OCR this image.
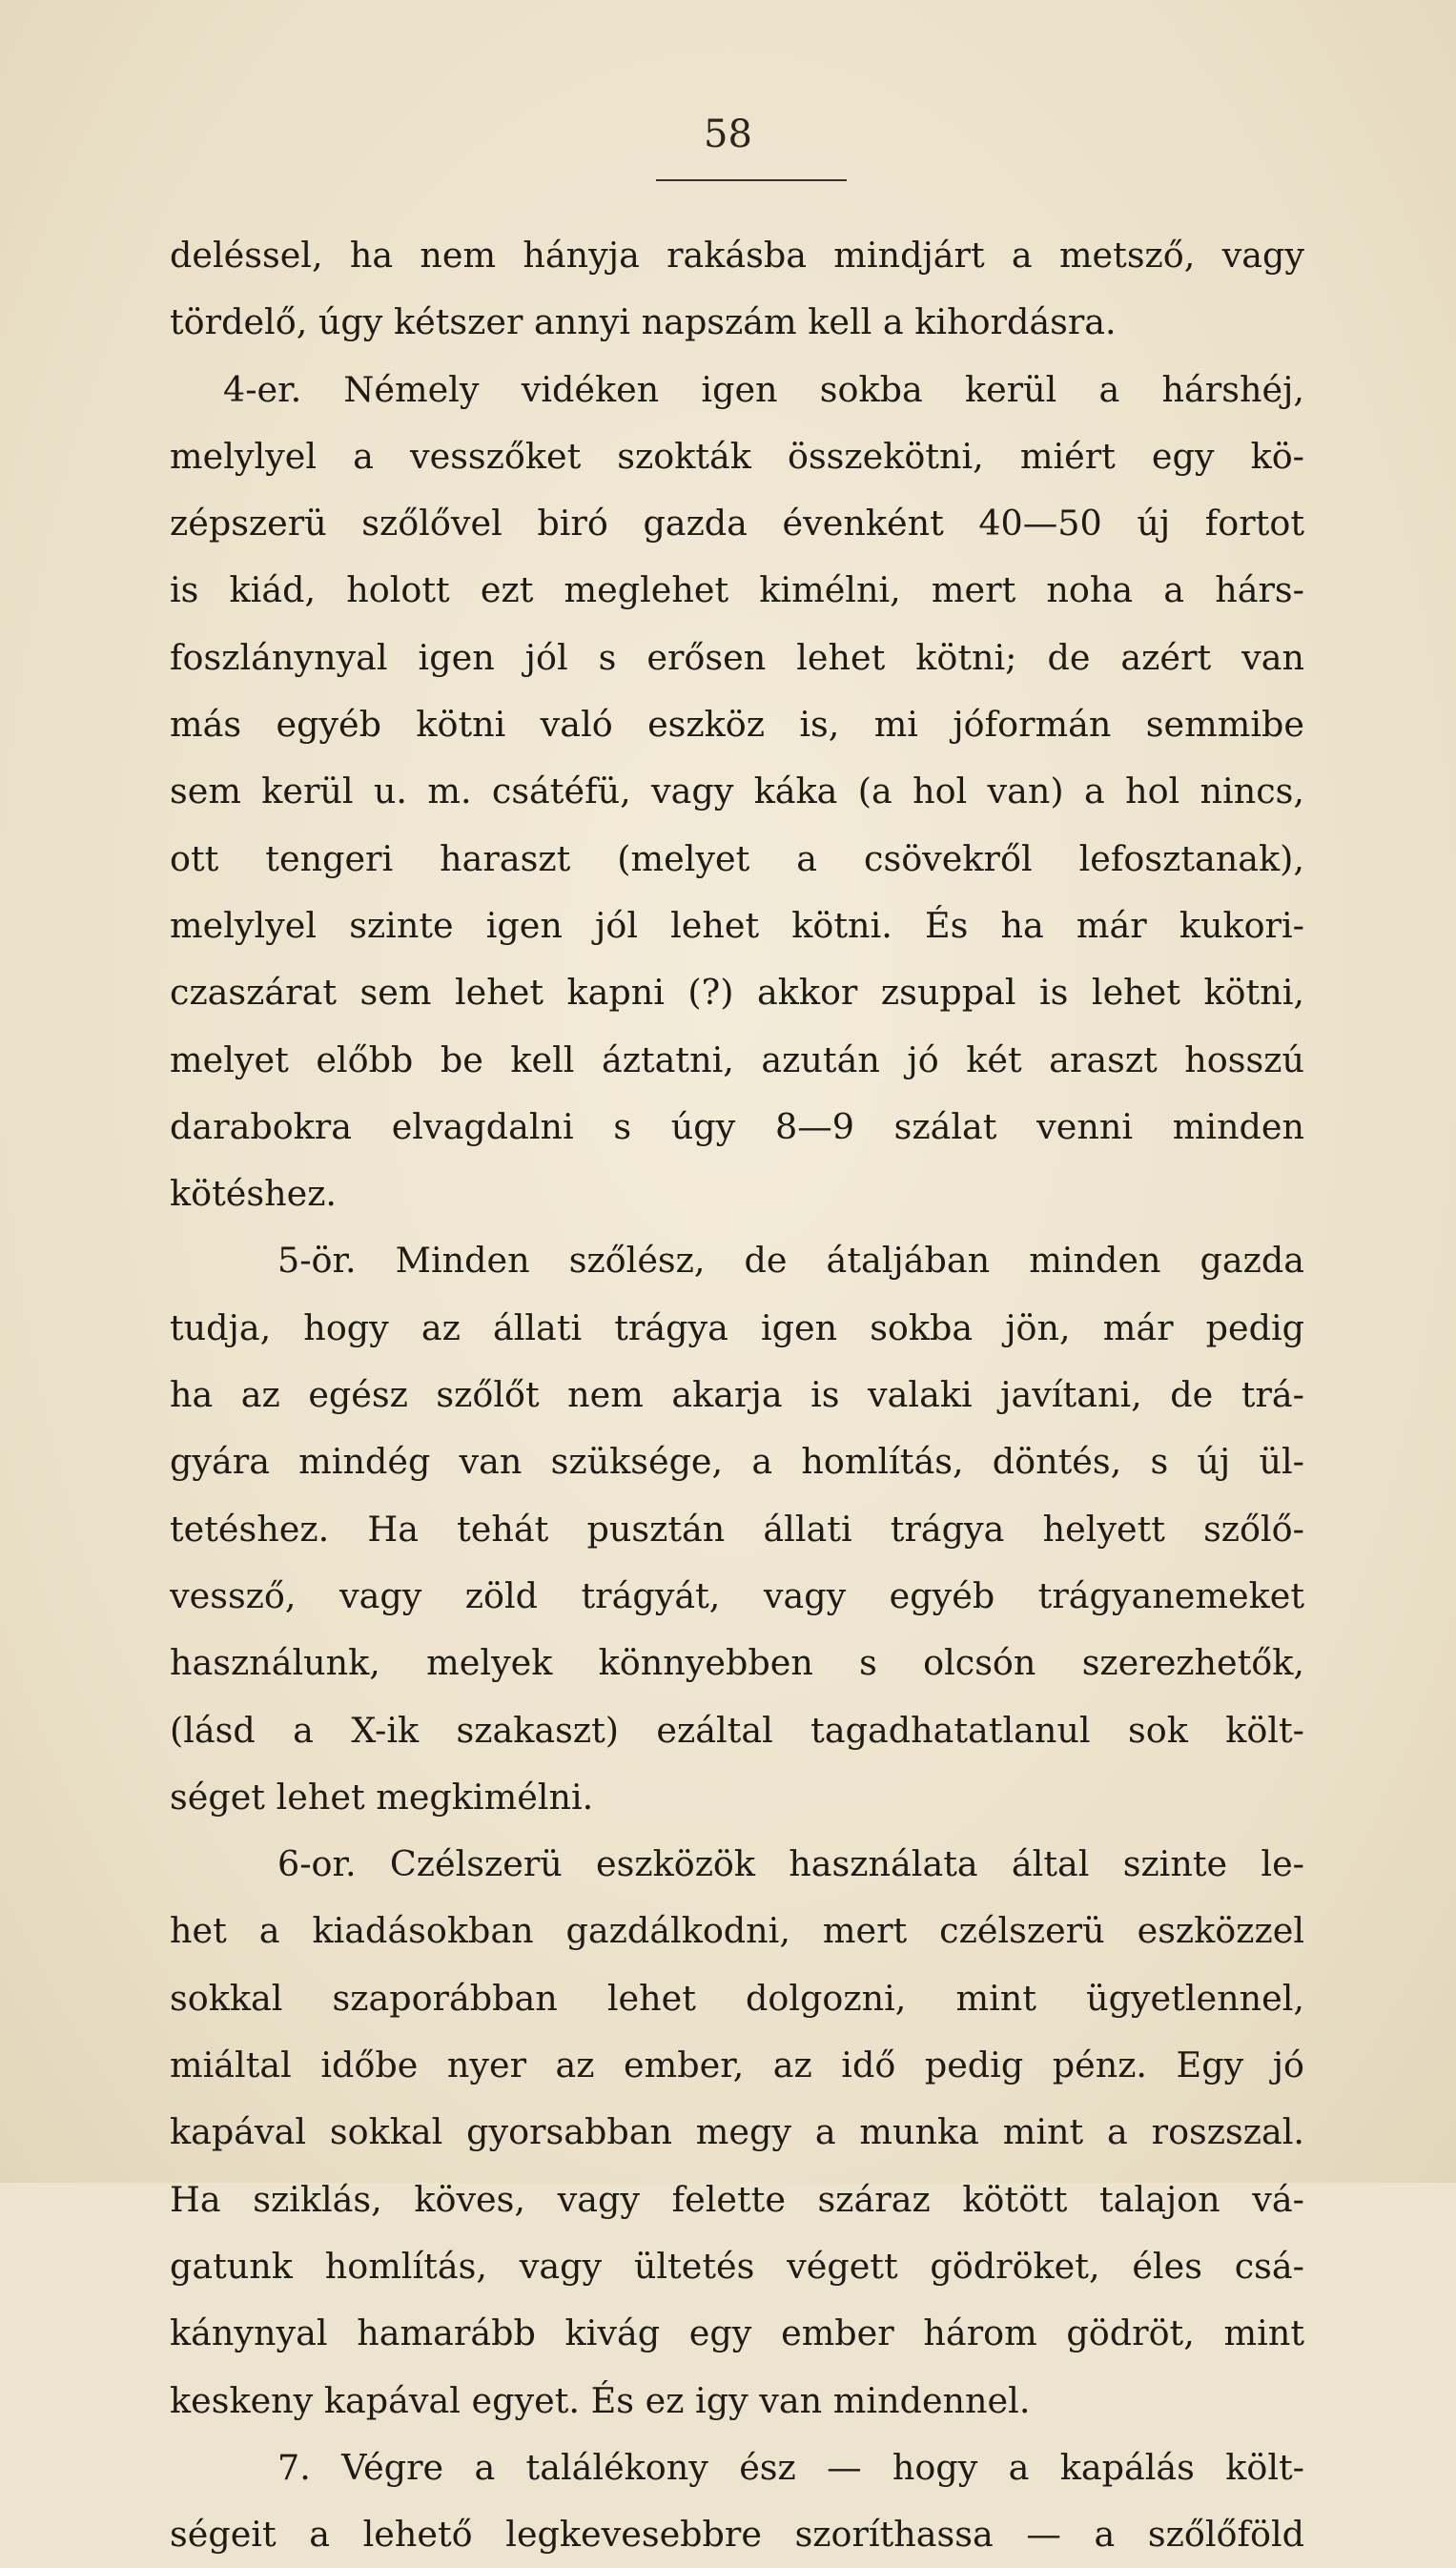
58
deléssel, ha nem hányja rakásba mindjárt a metsző, vagy
tördelő, úgy kétszer annyi napszám kell a kihordásra.
4-er. Némely vidéken igen sokba kerül a hárshéj,
melylyel a vesszőket szokták összekötni, miért egy kö-
zépszerü szőlővel biró gazda évenként 40—50 új fortot
is kiád, holott ezt meglehet kimélni, mert noha a hárs-
foszlánynyal igen jól s erősen lehet kötni; de azért van
más egyéb kötni való eszköz is, mi jóformán semmibe
sem kerül u. m. csátéfü, vagy káka (a hol van) a hol nincs,
ott tengeri haraszt (melyet a csövekről lefosztanak),
melylyel szinte igen jól lehet kötni. És ha már kukori-
czaszárat sem lehet kapni (?) akkor zsuppal is lehet kötni,
melyet előbb be kell áztatni, azután jó két araszt hosszú
darabokra elvagdalni s úgy 8—9 szálat venni minden
kötéshez.
5-ör. Minden szőlész, de átaljában minden gazda
tudja, hogy az állati trágya igen sokba jön, már pedig
ha az egész szőlőt nem akarja is valaki javítani, de trá-
gyára mindég van szüksége, a homlítás, döntés, s új ül-
tetéshez. Ha tehát pusztán állati trágya helyett szőlő-
vessző, vagy zöld trágyát, vagy egyéb trágyanemeket
használunk, melyek könnyebben s olcsón szerezhetők,
(lásd a X-ik szakaszt) ezáltal tagadhatatlanul sok költ-
séget lehet megkimélni.
6-or. Czélszerü eszközök használata által szinte le-
het a kiadásokban gazdálkodni, mert czélszerü eszközzel
sokkal szaporábban lehet dolgozni, mint ügyetlennel,
miáltal időbe nyer az ember, az idő pedig pénz. Egy jó
kapával sokkal gyorsabban megy a munka mint a roszszal.
Ha sziklás, köves, vagy felette száraz kötött talajon vá-
gatunk homlítás, vagy ültetés végett gödröket, éles csá-
kánynyal hamarább kivág egy ember három gödröt, mint
keskeny kapával egyet. És ez igy van mindennel.
7. Végre a találékony ész — hogy a kapálás költ-
ségeit a lehető legkevesebbre szoríthassa — a szőlőföld
